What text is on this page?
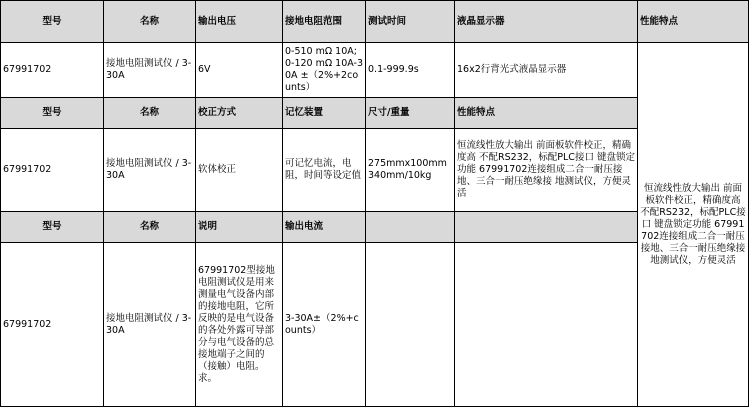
型号	名称	输出电压	接地电阻范围	测试时间	液晶显示器	性能特点	
67991702	接地电阻测试仪 / 3-30A	6V	0-510 mΩ 10A; 0-120 mΩ 10A-30A ±（2%+2counts）	0.1-999.9s	16x2行背光式液晶显示器	恒流线性放大输出 前面板软件校正，精确度高 不配RS232，标配PLC接口 键盘锁定功能 67991702连接组成二合一耐压接地、三合一耐压绝缘接 地测试仪，方便灵活	
型号	名称	校正方式	记忆装置	尺寸/重量	性能特点		
67991702	接地电阻测试仪 / 3-30A	软体校正	可记忆电流，电阻，时间等设定值	275mmx100mm340mm/10kg	恒流线性放大输出 前面板软件校正，精确度高 不配RS232，标配PLC接口 键盘锁定功能 67991702连接组成二合一耐压接地、三合一耐压绝缘接 地测试仪，方便灵活		
型号	名称	说明	输出电流				
67991702	接地电阻测试仪 / 3-30A	67991702型接地电阻测试仪是用来测量电气设备内部的接地电阻，它所反映的是电气设备的各处外露可导部分与电气设备的总接地端子之间的（接触）电阻。求。	3-30A±（2%+counts）				
